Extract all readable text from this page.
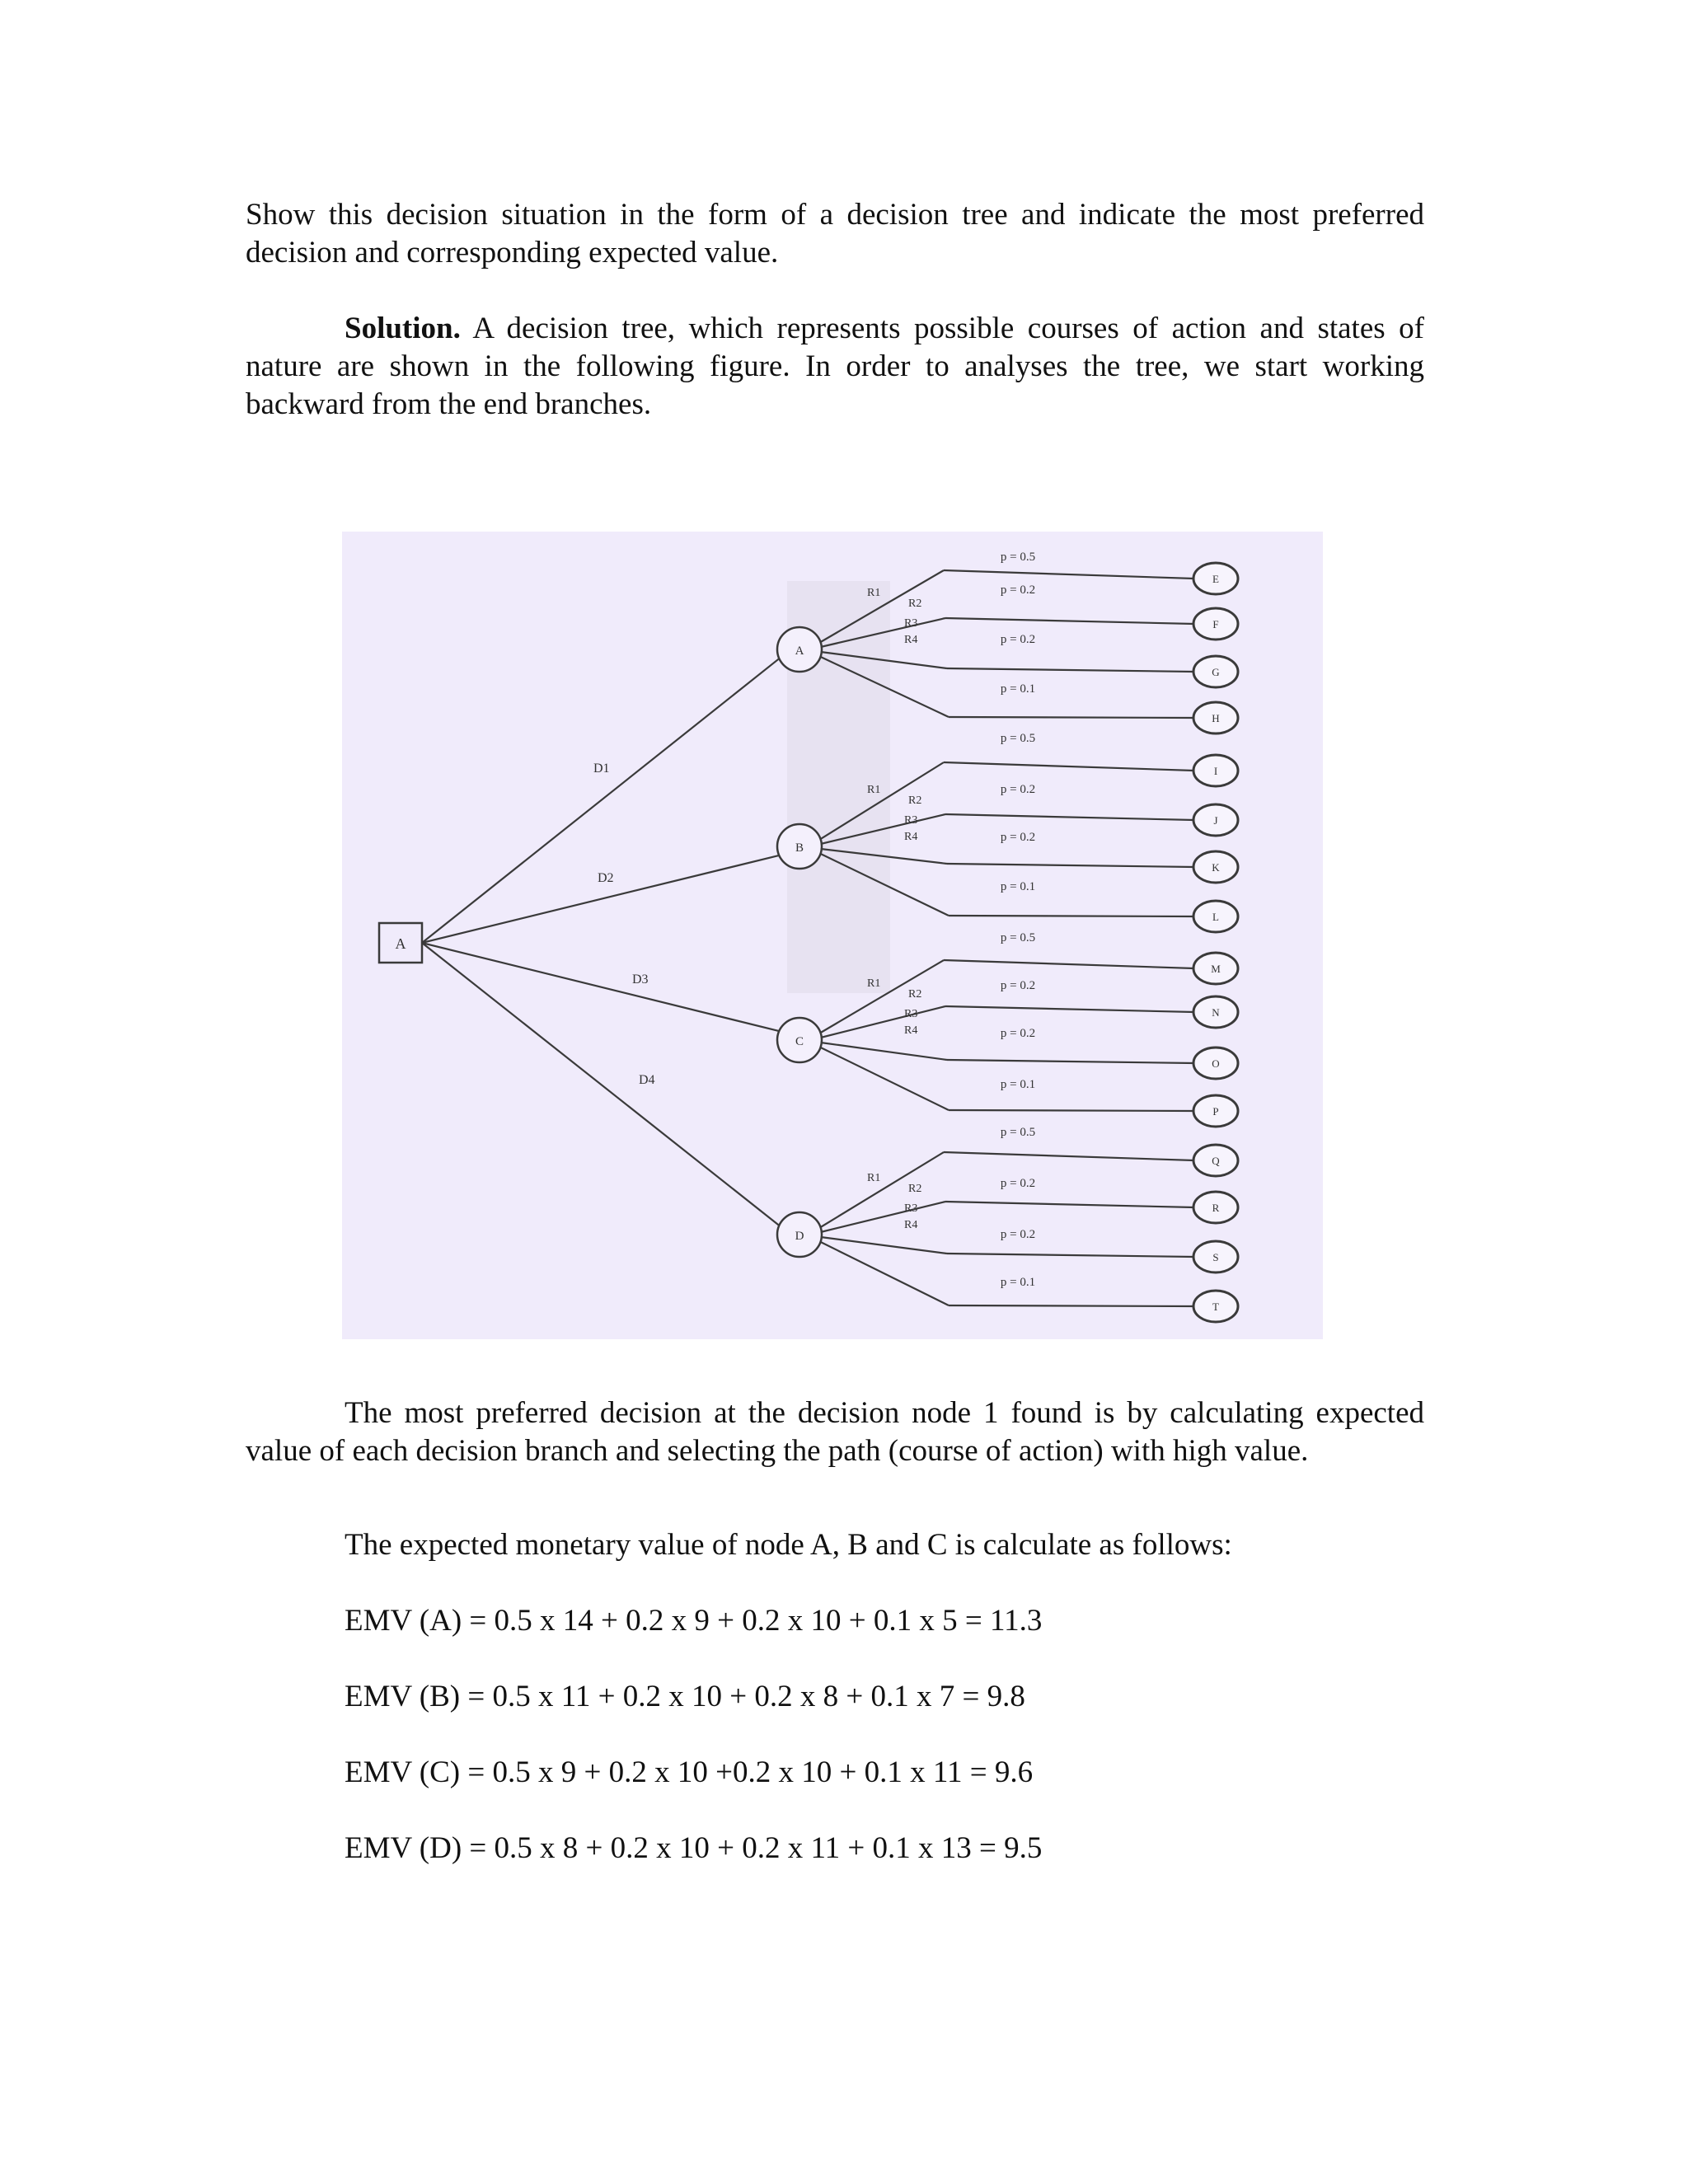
Show this decision situation in the form of a decision tree and indicate the most preferred decision and corresponding expected value.

Solution. A decision tree, which represents possible courses of action and states of nature are shown in the following figure. In order to analyses the tree, we start working backward from the end branches.

A
D1
A
R1
p = 0.5
R2
p = 0.2
R3
p = 0.2
R4
p = 0.1
D2
B
R1
p = 0.5
R2
p = 0.2
R3
p = 0.2
R4
p = 0.1
D3
C
R1
p = 0.5
R2
p = 0.2
R3
p = 0.2
R4
p = 0.1
D4
D
R1
p = 0.5
R2	p = 0.2
R3
p = 0.2
R4
p = 0.1
E
F
G
H
I
J
K
L
M
N
O
P
Q
R
S
T

The most preferred decision at the decision node 1 found is by calculating expected value of each decision branch and selecting the path (course of action) with high value.

The expected monetary value of node A, B and C is calculate as follows:

EMV (A) = 0.5 x 14 + 0.2 x 9 + 0.2 x 10 + 0.1 x 5 = 11.3

EMV (B) = 0.5 x 11 + 0.2 x 10 + 0.2 x 8 + 0.1 x 7 = 9.8

EMV (C) = 0.5 x 9 + 0.2 x 10 +0.2 x 10 + 0.1 x 11 = 9.6

EMV (D) = 0.5 x 8 + 0.2 x 10 + 0.2 x 11 + 0.1 x 13 = 9.5
